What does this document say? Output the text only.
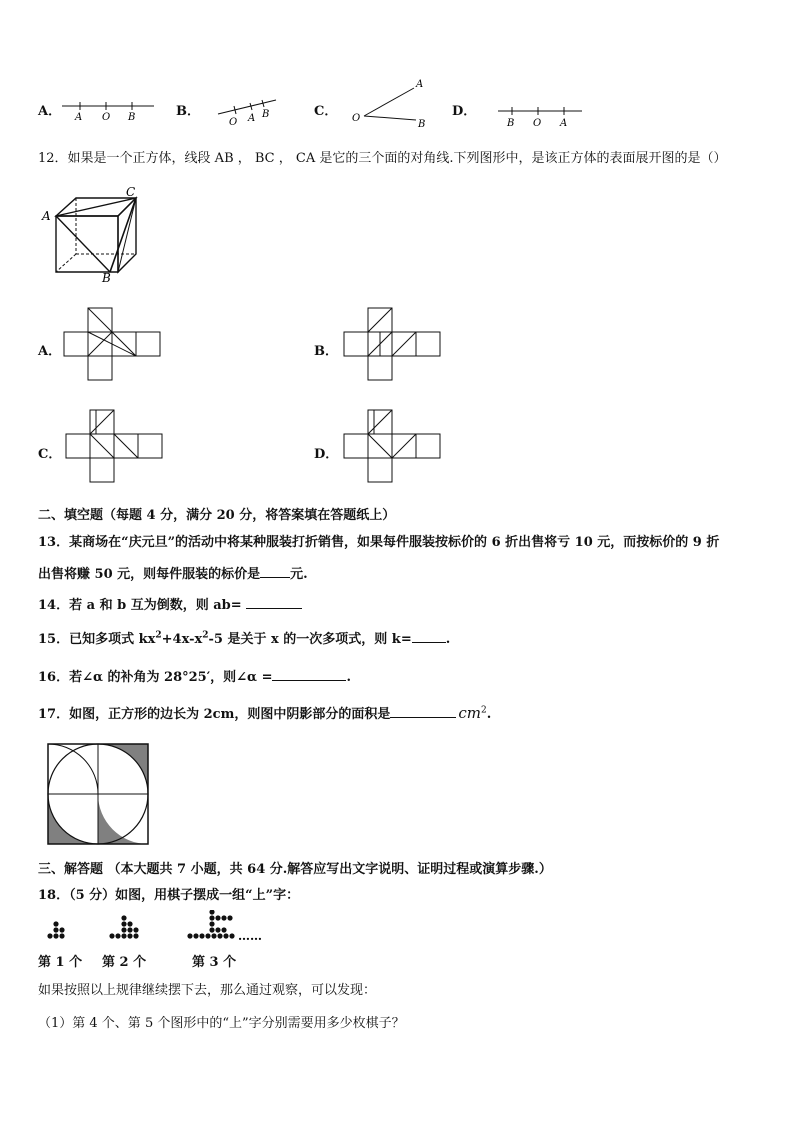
A． A O B	B．
O A B	C．
A
O
B
D．
B O A
12．如果是一个正方体，线段 AB ， BC ， CA 是它的三个面的对角线.下列图形中，是该正方体的表面展开图的是（）
A
C
B
A．	B．
C．	D．
二、填空题（每题 4 分，满分 20 分，将答案填在答题纸上）
13．某商场在“庆元旦”的活动中将某种服装打折销售，如果每件服装按标价的 6 折出售将亏 10 元，而按标价的 9 折
出售将赚 50 元，则每件服装的标价是 元.
14．若 a 和 b 互为倒数，则 ab=
15．已知多项式 $kx^2+4x-x^2-5$ 是关于 x 的一次多项式，则 k=	.
16．若∠α 的补角为 28°25′，则∠α =	.
17．如图，正方形的边长为 2cm，则图中阴影部分的面积是	$cm^2$.
三、解答题 （本大题共 7 小题，共 64 分.解答应写出文字说明、证明过程或演算步骤.）
18．（5 分）如图，用棋子摆成一组“上”字：
……
第 1 个 第 2 个	第 3 个
如果按照以上规律继续摆下去，那么通过观察，可以发现：
（1）第 4 个、第 5 个图形中的“上”字分别需要用多少枚棋子？
